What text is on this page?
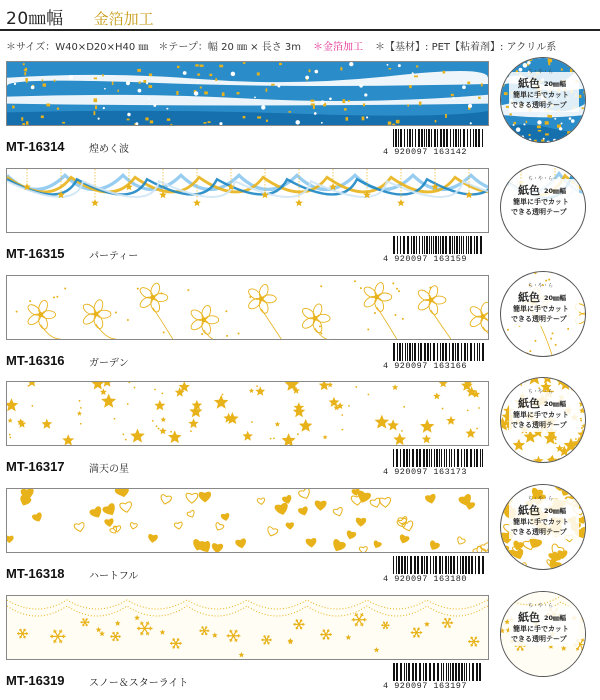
20㎜幅 金箔加工
＊サイズ：W40×D20×H40 ㎜ ＊テープ：幅 20 ㎜ × 長さ 3m ＊金箔加工 ＊【基材】: PET【粘着剤】: アクリル系
MT-16314 煌めく波	4 920097 163142
ち・や・ら
紙色 20㎜幅
簡単に手でカット
できる透明テープ
MT-16315 パーティー	4 920097 163159
ち・や・ら
紙色 20㎜幅
簡単に手でカット
できる透明テープ
MT-16316 ガーデン	4 920097 163166
ち・や・ら
紙色 20㎜幅
簡単に手でカット
できる透明テープ
MT-16317 満天の星	4 920097 163173
ち・や・ら
紙色 20㎜幅
簡単に手でカット
できる透明テープ
MT-16318 ハートフル	4 920097 163180
ち・や・ら
紙色 20㎜幅
簡単に手でカット
できる透明テープ
MT-16319 スノー＆スターライト	4 920097 163197
ち・や・ら
紙色 20㎜幅
簡単に手でカット
できる透明テープ
